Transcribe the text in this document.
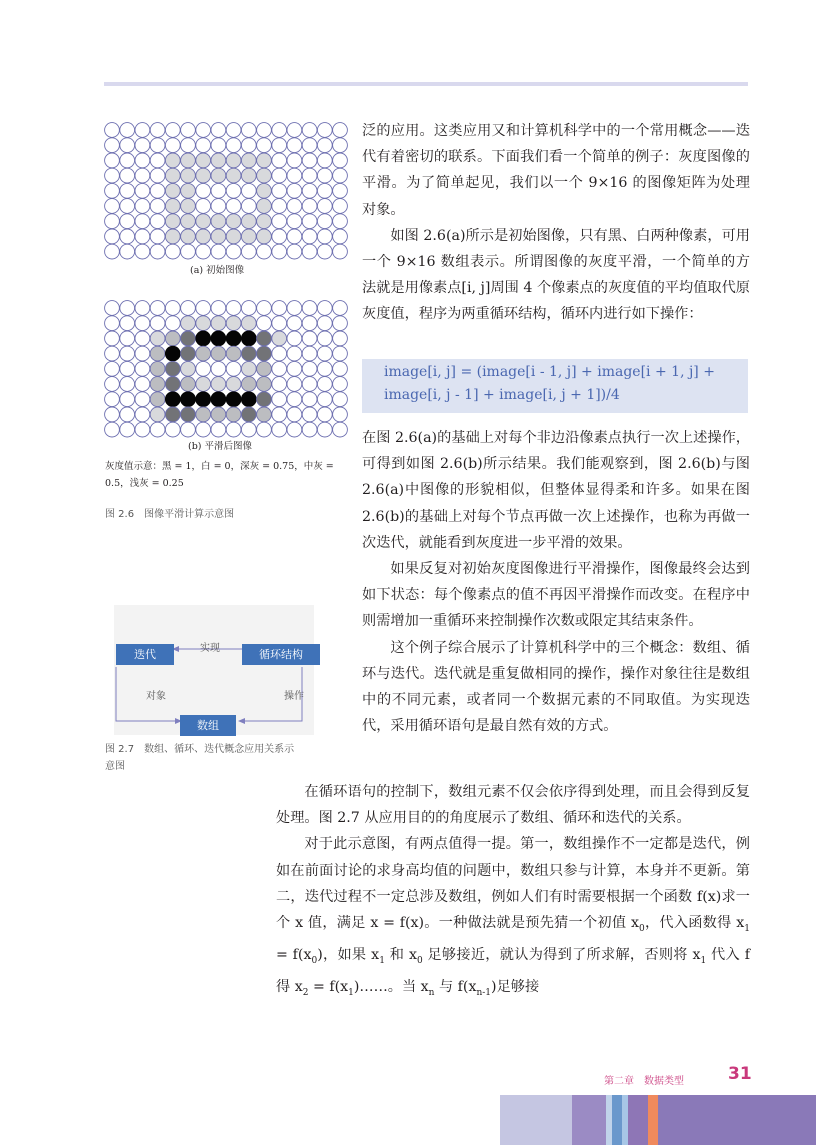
(a) 初始图像
(b) 平滑后图像
灰度值示意：黑 = 1，白 = 0，深灰 = 0.75，中灰 = 0.5，浅灰 = 0.25
图 2.6　图像平滑计算示意图
迭代	循环结构
数组
实现
对象	操作
图 2.7　数组、循环、迭代概念应用关系示
意图

泛的应用。这类应用又和计算机科学中的一个常用概念——迭代有着密切的联系。下面我们看一个简单的例子：灰度图像的平滑。为了简单起见，我们以一个 9×16 的图像矩阵为处理对象。

如图 2.6(a)所示是初始图像，只有黑、白两种像素，可用一个 9×16 数组表示。所谓图像的灰度平滑，一个简单的方法就是用像素点[i, j]周围 4 个像素点的灰度值的平均值取代原灰度值，程序为两重循环结构，循环内进行如下操作：

image[i, j] = (image[i - 1, j] + image[i + 1, j] +
image[i, j - 1] + image[i, j + 1])/4

在图 2.6(a)的基础上对每个非边沿像素点执行一次上述操作，可得到如图 2.6(b)所示结果。我们能观察到，图 2.6(b)与图 2.6(a)中图像的形貌相似，但整体显得柔和许多。如果在图 2.6(b)的基础上对每个节点再做一次上述操作，也称为再做一次迭代，就能看到灰度进一步平滑的效果。

如果反复对初始灰度图像进行平滑操作，图像最终会达到如下状态：每个像素点的值不再因平滑操作而改变。在程序中则需增加一重循环来控制操作次数或限定其结束条件。

这个例子综合展示了计算机科学中的三个概念：数组、循环与迭代。迭代就是重复做相同的操作，操作对象往往是数组中的不同元素，或者同一个数据元素的不同取值。为实现迭代，采用循环语句是最自然有效的方式。

在循环语句的控制下，数组元素不仅会依序得到处理，而且会得到反复处理。图 2.7 从应用目的的角度展示了数组、循环和迭代的关系。

对于此示意图，有两点值得一提。第一，数组操作不一定都是迭代，例如在前面讨论的求身高均值的问题中，数组只参与计算，本身并不更新。第二，迭代过程不一定总涉及数组，例如人们有时需要根据一个函数 f(x)求一个 x 值，满足 x = f(x)。一种做法就是预先猜一个初值 $x_0$，代入函数得 $x_1 = f(x_0)$，如果 $x_1$ 和 $x_0$ 足够接近，就认为得到了所求解，否则将 $x_1$ 代入 f 得 $x_2$ = $f(x_1)\dots\dots$。当 $x_n$ 与 $f(x_{n-1})$足够接

第二章　数据类型	31
